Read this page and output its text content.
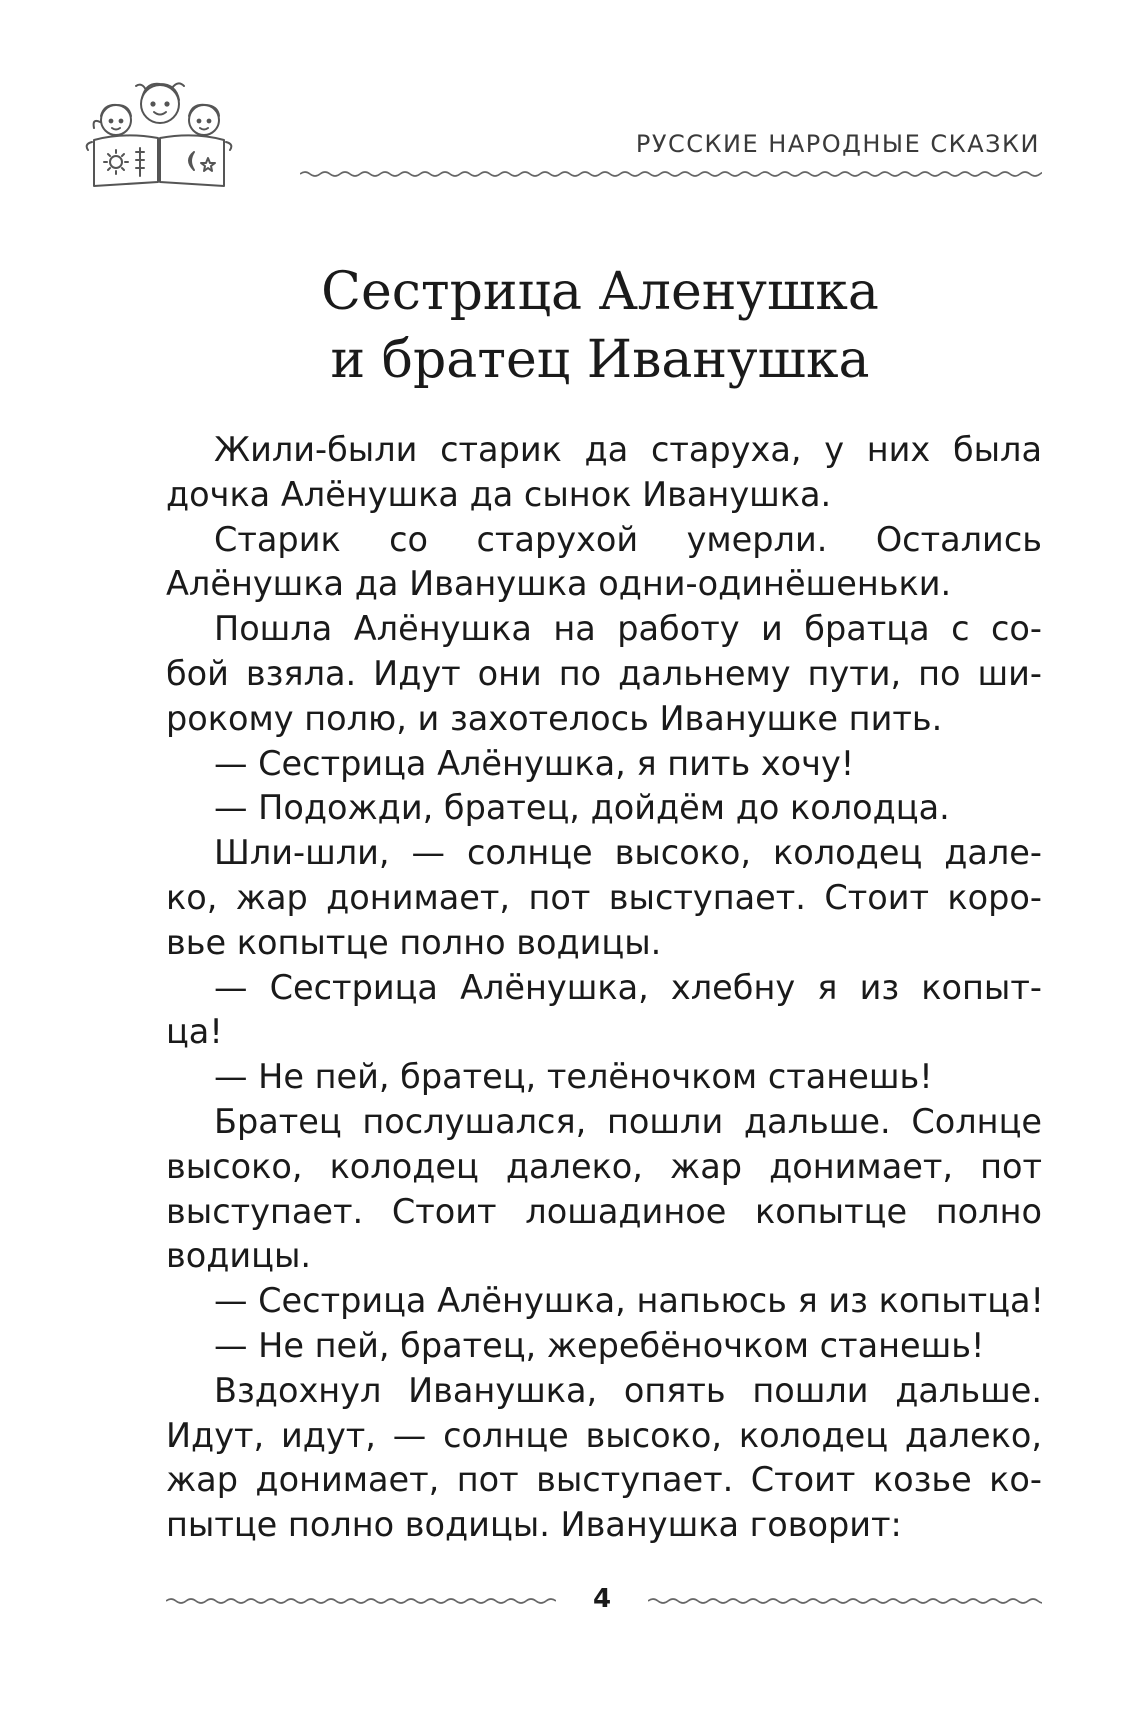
РУССКИЕ НАРОДНЫЕ СКАЗКИ
Сестрица Аленушка
и братец Иванушка
Жили-были старик да старуха, у них была
дочка Алёнушка да сынок Иванушка.
Старик со старухой умерли. Остались
Алёнушка да Иванушка одни-одинёшеньки.
Пошла Алёнушка на работу и братца с со-
бой взяла. Идут они по дальнему пути, по ши-
рокому полю, и захотелось Иванушке пить.
— Сестрица Алёнушка, я пить хочу!
— Подожди, братец, дойдём до колодца.
Шли-шли, — солнце высоко, колодец дале-
ко, жар донимает, пот выступает. Стоит коро-
вье копытце полно водицы.
— Сестрица Алёнушка, хлебну я из копыт-
ца!
— Не пей, братец, телёночком станешь!
Братец послушался, пошли дальше. Солнце
высоко, колодец далеко, жар донимает, пот
выступает. Стоит лошадиное копытце полно
водицы.
— Сестрица Алёнушка, напьюсь я из копытца!
— Не пей, братец, жеребёночком станешь!
Вздохнул Иванушка, опять пошли дальше.
Идут, идут, — солнце высоко, колодец далеко,
жар донимает, пот выступает. Стоит козье ко-
пытце полно водицы. Иванушка говорит:
4
